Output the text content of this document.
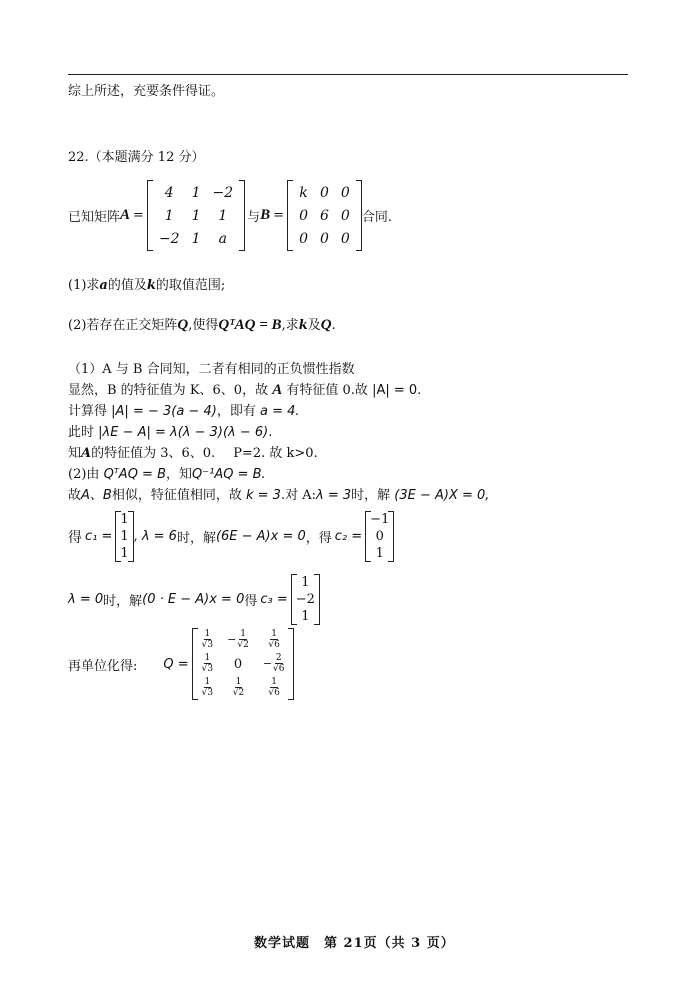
综上所述，充要条件得证。
22.（本题满分 12 分）
已知矩阵 A =
4	1	−2
1	1	1
−2	1	a
与 B =
k	0	0
0	6	0
0	0	0
合同.
(1)求a的值及k的取值范围;
(2)若存在正交矩阵Q,使得QᵀAQ = B,求k及Q.
（1）A 与 B 合同知，二者有相同的正负惯性指数
显然，B 的特征值为 K、6、0，故 A 有特征值 0.故 |A| = 0.
计算得 |A| = − 3(a − 4)，即有 a = 4.
此时 |λE − A| = λ(λ − 3)(λ − 6).
知A的特征值为 3、6、0. P=2. 故 k>0.
(2)由 QᵀAQ = B，知Q⁻¹AQ = B.
故A、B相似，特征值相同，故 k = 3.对 A:λ = 3时，解 (3E − A)X = 0,
得 c₁ =
1
1
1
, λ = 6 时，解 (6E − A)x = 0 ，得 c₂ =
−1
0
1
λ = 0 时，解 (0 · E − A)x = 0 得 c₃ =
1
−2
1
再单位化得: Q =
$\frac{1}{√3}$	− $\frac{1}{√2}$	$\frac{1}{√6}$

$\frac{1}{√3}$	0	− $\frac{2}{√6}$

$\frac{1}{√3}$	$\frac{1}{√2}$	$\frac{1}{√6}$
数学试题　第 21页（共 3 页）
